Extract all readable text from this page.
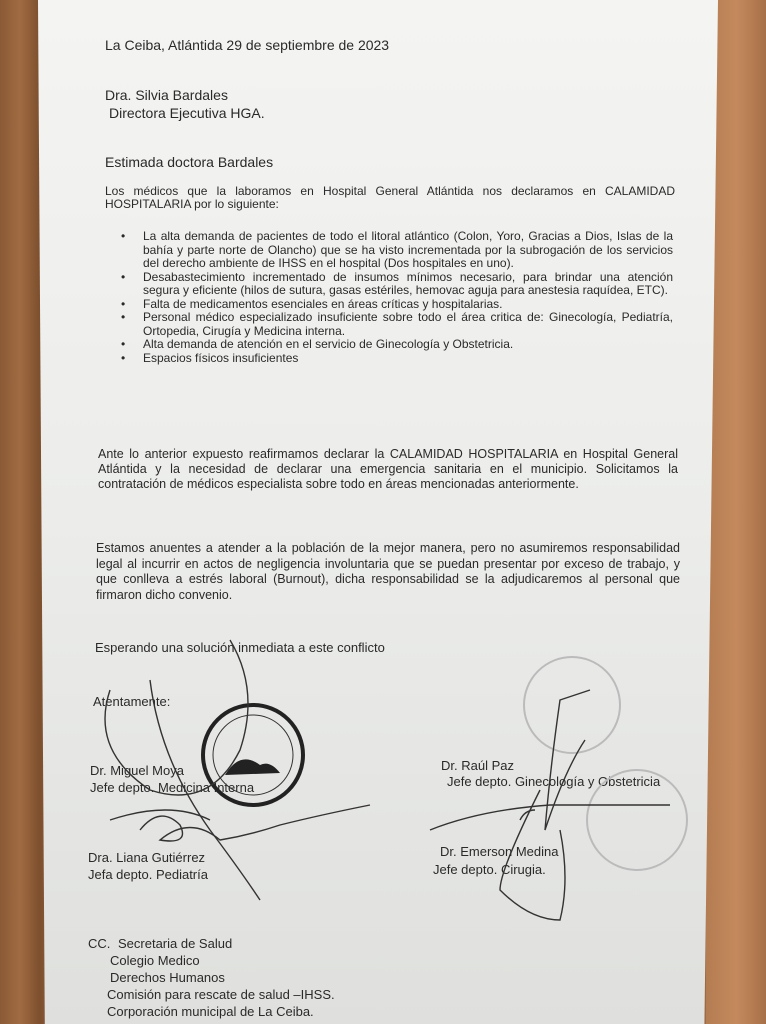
La Ceiba, Atlántida 29 de septiembre de 2023
Dra. Silvia Bardales
Directora Ejecutiva HGA.
Estimada doctora Bardales
Los médicos que la laboramos en Hospital General Atlántida nos declaramos en CALAMIDAD HOSPITALARIA por lo siguiente:
• La alta demanda de pacientes de todo el litoral atlántico (Colon, Yoro, Gracias a Dios, Islas de la bahía y parte norte de Olancho) que se ha visto incrementada por la subrogación de los servicios del derecho ambiente de IHSS en el hospital (Dos hospitales en uno).
• Desabastecimiento incrementado de insumos mínimos necesario, para brindar una atención segura y eficiente (hilos de sutura, gasas estériles, hemovac aguja para anestesia raquídea, ETC).
• Falta de medicamentos esenciales en áreas críticas y hospitalarias.
• Personal médico especializado insuficiente sobre todo el área critica de: Ginecología, Pediatría, Ortopedia, Cirugía y Medicina interna.
• Alta demanda de atención en el servicio de Ginecología y Obstetricia.
• Espacios físicos insuficientes
Ante lo anterior expuesto reafirmamos declarar la CALAMIDAD HOSPITALARIA en Hospital General Atlántida y la necesidad de declarar una emergencia sanitaria en el municipio. Solicitamos la contratación de médicos especialista sobre todo en áreas mencionadas anteriormente.
Estamos anuentes a atender a la población de la mejor manera, pero no asumiremos responsabilidad legal al incurrir en actos de negligencia involuntaria que se puedan presentar por exceso de trabajo, y que conlleva a estrés laboral (Burnout), dicha responsabilidad se la adjudicaremos al personal que firmaron dicho convenio.
Esperando una solución inmediata a este conflicto
Atentamente:
Dr. Miguel Moya
Jefe depto. Medicina Interna
Dr. Raúl Paz
Jefe depto. Ginecología y Obstetricia
Dra. Liana Gutiérrez
Jefa depto. Pediatría
Dr. Emerson Medina
Jefe depto. Cirugia.
CC. Secretaria de Salud
Colegio Medico
Derechos Humanos
Comisión para rescate de salud –IHSS.
Corporación municipal de La Ceiba.
